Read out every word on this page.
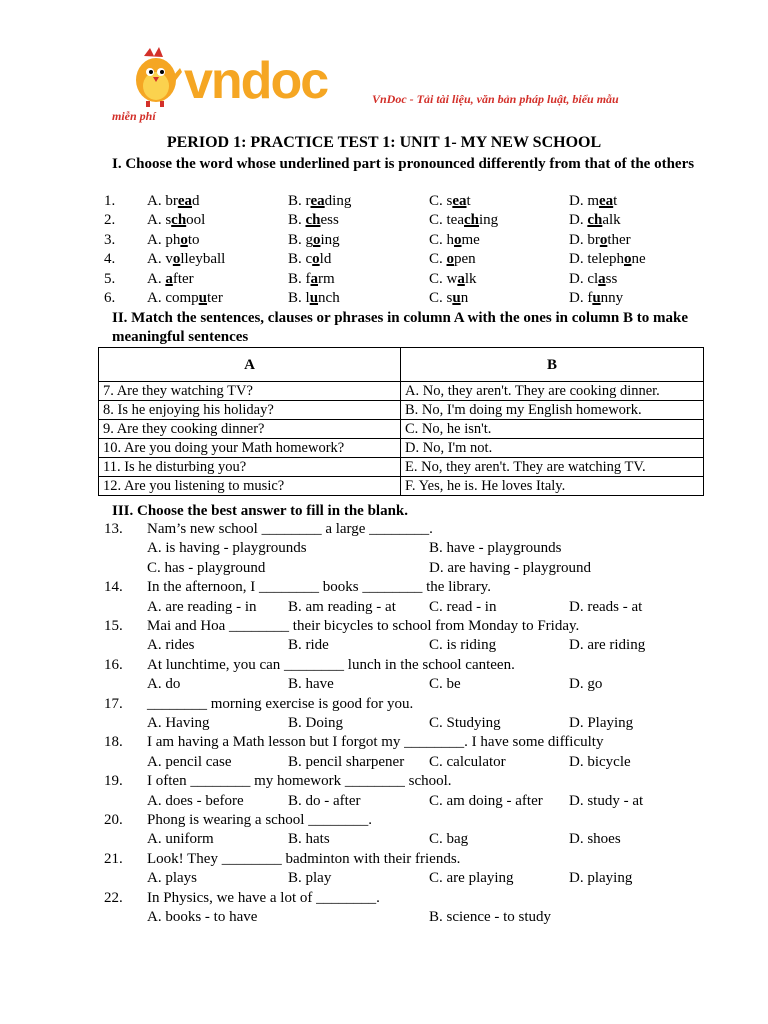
vndoc	VnDoc - Tải tài liệu, văn bản pháp luật, biểu mẫu
miễn phí
PERIOD 1: PRACTICE TEST 1: UNIT 1- MY NEW SCHOOL
I. Choose the word whose underlined part is pronounced differently from that of the others
1. A. bread	B. reading	C. seat	D. meat
2. A. school	B. chess	C. teaching	D. chalk
3. A. photo	B. going	C. home	D. brother
4. A. volleyball	B. cold	C. open	D. telephone
5. A. after	B. farm	C. walk	D. class
6. A. computer	B. lunch	C. sun	D. funny
II. Match the sentences, clauses or phrases in column A with the ones in column B to make meaningful sentences
A	B
7. Are they watching TV?	A. No, they aren't. They are cooking dinner.
8. Is he enjoying his holiday?	B. No, I'm doing my English homework.
9. Are they cooking dinner?	C. No, he isn't.
10. Are you doing your Math homework?	D. No, I'm not.
11. Is he disturbing you?	E. No, they aren't. They are watching TV.
12. Are you listening to music?	F. Yes, he is. He loves Italy.
III. Choose the best answer to fill in the blank.
13. Nam’s new school ________ a large ________.
A. is having - playgrounds	B. have - playgrounds
C. has - playground	D. are having - playground
14. In the afternoon, I ________ books ________ the library.
A. are reading - in B. am reading - at C. read - in	D. reads - at
15. Mai and Hoa ________ their bicycles to school from Monday to Friday.
A. rides	B. ride	C. is riding	D. are riding
16. At lunchtime, you can ________ lunch in the school canteen.
A. do	B. have	C. be	D. go
17. ________ morning exercise is good for you.
A. Having	B. Doing	C. Studying	D. Playing
18. I am having a Math lesson but I forgot my ________. I have some difficulty
A. pencil case	B. pencil sharpener C. calculator	D. bicycle
19. I often ________ my homework ________ school.
A. does - before	B. do - after	C. am doing - after D. study - at
20. Phong is wearing a school ________.
A. uniform	B. hats	C. bag	D. shoes
21. Look! They ________ badminton with their friends.
A. plays	B. play	C. are playing	D. playing
22. In Physics, we have a lot of ________.
A. books - to have	B. science - to study
